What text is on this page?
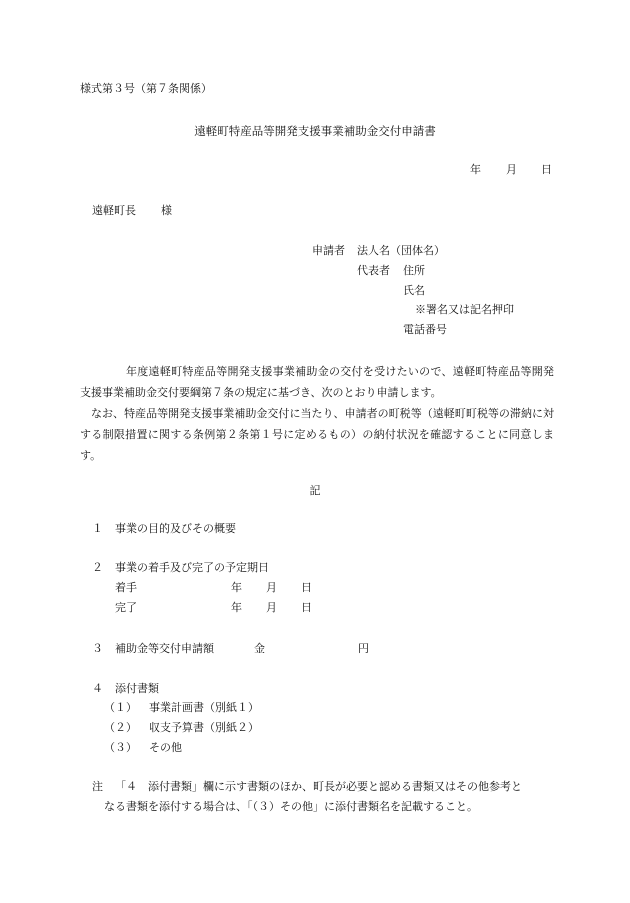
様式第３号（第７条関係）
遠軽町特産品等開発支援事業補助金交付申請書
年 月 日
遠軽町長 様
申請者 法人名（団体名）
代表者 住所
氏名
※署名又は記名押印
電話番号
年度遠軽町特産品等開発支援事業補助金の交付を受けたいので、遠軽町特産品等開発支援事業補助金交付要綱第７条の規定に基づき、次のとおり申請します。
なお、特産品等開発支援事業補助金交付に当たり、申請者の町税等（遠軽町町税等の滞納に対する制限措置に関する条例第２条第１号に定めるもの）の納付状況を確認することに同意します。
記
１ 事業の目的及びその概要
２ 事業の着手及び完了の予定期日
着手	年 月 日
完了	年 月 日
３ 補助金等交付申請額	金	円
４ 添付書類
（１） 事業計画書（別紙１）
（２） 収支予算書（別紙２）
（３） その他
注 「４　添付書類」欄に示す書類のほか、町長が必要と認める書類又はその他参考と
なる書類を添付する場合は、「（３）その他」に添付書類名を記載すること。
